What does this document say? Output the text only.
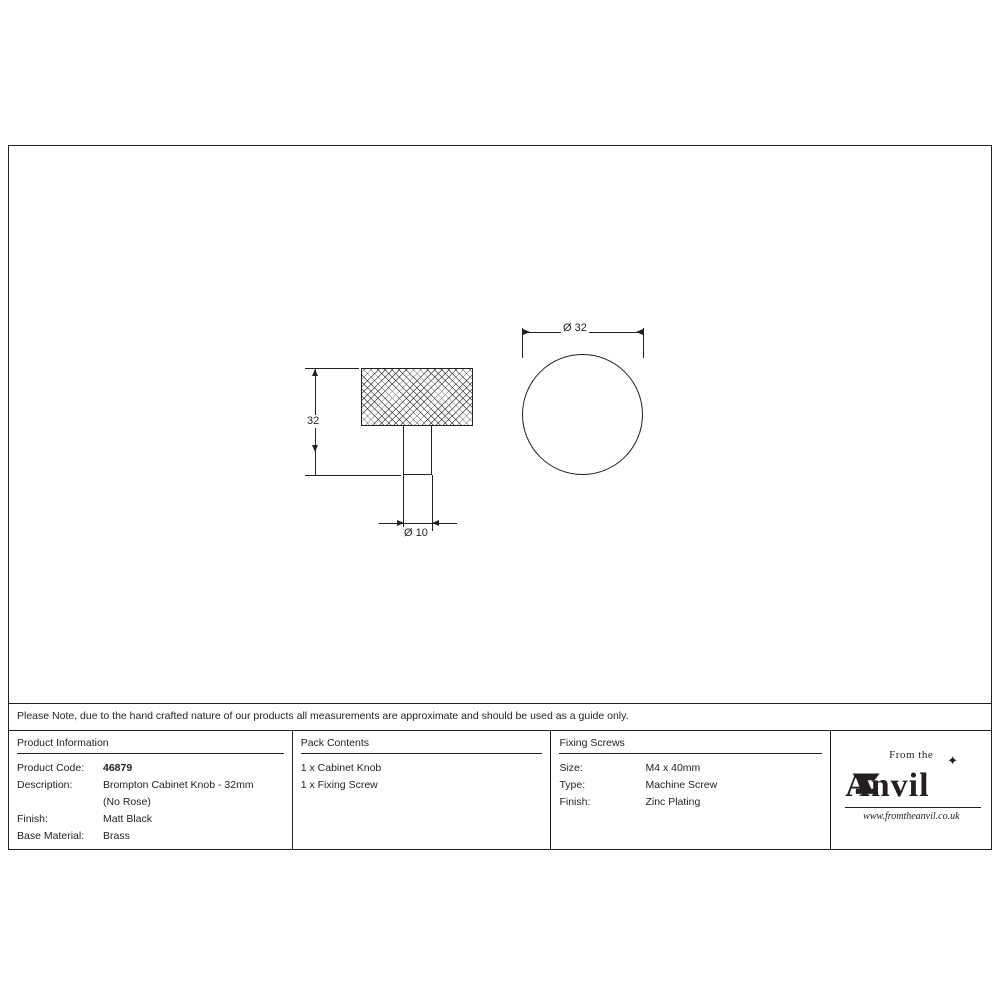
32
Ø 10
Ø 32
Please Note, due to the hand crafted nature of our products all measurements are approximate and should be used as a guide only.
Product Information
Product Code:	46879
Description:	Brompton Cabinet Knob - 32mm
(No Rose)
Finish:	Matt Black
Base Material:	Brass
Pack Contents
1 x Cabinet Knob
1 x Fixing Screw
Fixing Screws
Size:	M4 x 40mm
Type:	Machine Screw
Finish:	Zinc Plating
From the ✦
Anvil
www.fromtheanvil.co.uk
